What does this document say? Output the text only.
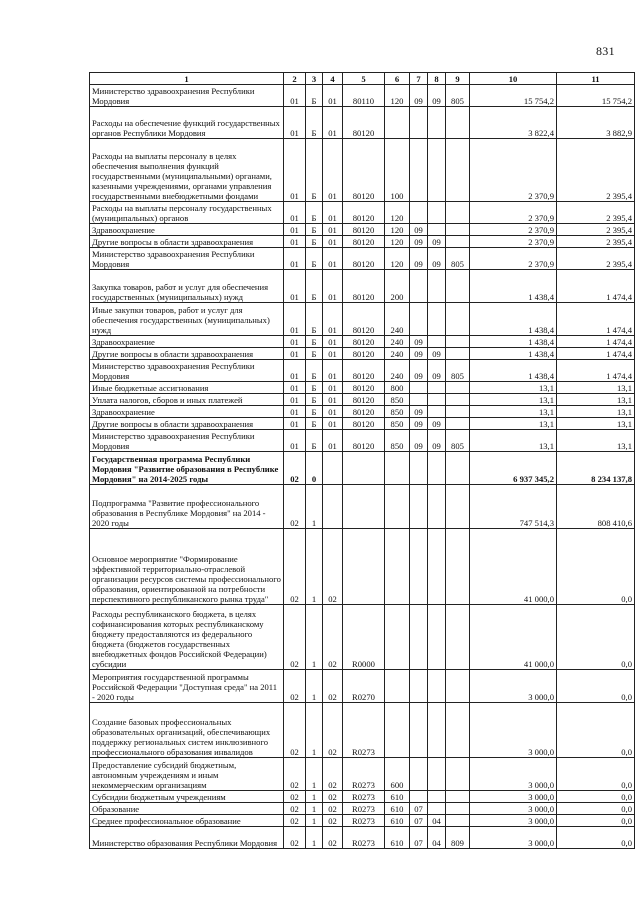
831
1	2	3	4	5	6	7	8	9	10	11
Министерство здравоохранения Республики Мордовия	01	Б	01	80110	120	09	09	805	15 754,2	15 754,2
Расходы на обеспечение функций государственных органов Республики Мордовия	01	Б	01	80120					3 822,4	3 882,9
Расходы на выплаты персоналу в целях обеспечения выполнения функций государственными (муниципальными) органами, казенными учреждениями, органами управления государственными внебюджетными фондами	01	Б	01	80120	100				2 370,9	2 395,4
Расходы на выплаты персоналу государственных (муниципальных) органов	01	Б	01	80120	120				2 370,9	2 395,4
Здравоохранение	01	Б	01	80120	120	09			2 370,9	2 395,4
Другие вопросы в области здравоохранения	01	Б	01	80120	120	09	09		2 370,9	2 395,4
Министерство здравоохранения Республики Мордовия	01	Б	01	80120	120	09	09	805	2 370,9	2 395,4
Закупка товаров, работ и услуг для обеспечения государственных (муниципальных) нужд	01	Б	01	80120	200				1 438,4	1 474,4
Иные закупки товаров, работ и услуг для обеспечения государственных (муниципальных) нужд	01	Б	01	80120	240				1 438,4	1 474,4
Здравоохранение	01	Б	01	80120	240	09			1 438,4	1 474,4
Другие вопросы в области здравоохранения	01	Б	01	80120	240	09	09		1 438,4	1 474,4
Министерство здравоохранения Республики Мордовия	01	Б	01	80120	240	09	09	805	1 438,4	1 474,4
Иные бюджетные ассигнования	01	Б	01	80120	800				13,1	13,1
Уплата налогов, сборов и иных платежей	01	Б	01	80120	850				13,1	13,1
Здравоохранение	01	Б	01	80120	850	09			13,1	13,1
Другие вопросы в области здравоохранения	01	Б	01	80120	850	09	09		13,1	13,1
Министерство здравоохранения Республики Мордовия	01	Б	01	80120	850	09	09	805	13,1	13,1
Государственная программа Республики Мордовия "Развитие образования в Республике Мордовия" на 2014-2025 годы	02	0							6 937 345,2	8 234 137,8
Подпрограмма "Развитие профессионального образования в Республике Мордовия" на 2014 - 2020 годы	02	1							747 514,3	808 410,6
Основное мероприятие "Формирование эффективной территориально-отраслевой организации ресурсов системы профессионального образования, ориентированной на потребности перспективного республиканского рынка труда"	02	1	02						41 000,0	0,0
Расходы республиканского бюджета, в целях софинансирования которых республиканскому бюджету предоставляются из федерального бюджета (бюджетов государственных внебюджетных фондов Российской Федерации) субсидии	02	1	02	R0000					41 000,0	0,0
Мероприятия государственной программы Российской Федерации "Доступная среда" на 2011 - 2020 годы	02	1	02	R0270					3 000,0	0,0
Создание базовых профессиональных образовательных организаций, обеспечивающих поддержку региональных систем инклюзивного профессионального образования инвалидов	02	1	02	R0273					3 000,0	0,0
Предоставление субсидий бюджетным, автономным учреждениям и иным некоммерческим организациям	02	1	02	R0273	600				3 000,0	0,0
Субсидии бюджетным учреждениям	02	1	02	R0273	610				3 000,0	0,0
Образование	02	1	02	R0273	610	07			3 000,0	0,0
Среднее профессиональное образование	02	1	02	R0273	610	07	04		3 000,0	0,0
Министерство образования Республики Мордовия	02	1	02	R0273	610	07	04	809	3 000,0	0,0
